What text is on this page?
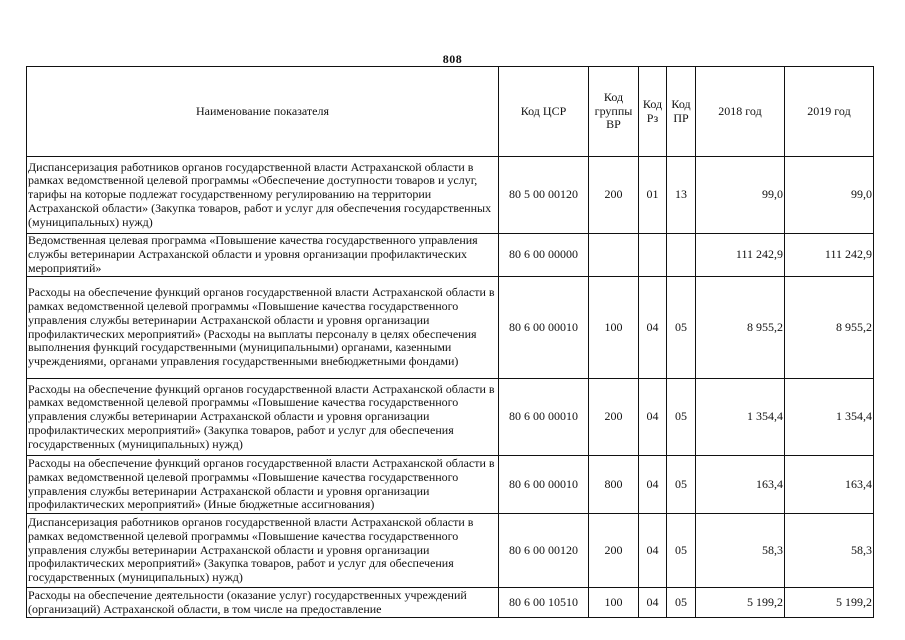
808
Наименование показателя	Код ЦСР	Код группы ВР	Код Рз	Код ПР	2018 год	2019 год
Диспансеризация работников органов государственной власти Астраханской области в рамках ведомственной целевой программы «Обеспечение доступности товаров и услуг, тарифы на которые подлежат государственному регулированию на территории Астраханской области» (Закупка товаров, работ и услуг для обеспечения государственных (муниципальных) нужд)	80 5 00 00120	200	01	13	99,0	99,0
Ведомственная целевая программа «Повышение качества государственного управления службы ветеринарии Астраханской области и уровня организации профилактических мероприятий»	80 6 00 00000				111 242,9	111 242,9
Расходы на обеспечение функций органов государственной власти Астраханской области в рамках ведомственной целевой программы «Повышение качества государственного управления службы ветеринарии Астраханской области и уровня организации профилактических мероприятий» (Расходы на выплаты персоналу в целях обеспечения выполнения функций государственными (муниципальными) органами, казенными учреждениями, органами управления государственными внебюджетными фондами)	80 6 00 00010	100	04	05	8 955,2	8 955,2
Расходы на обеспечение функций органов государственной власти Астраханской области в рамках ведомственной целевой программы «Повышение качества государственного управления службы ветеринарии Астраханской области и уровня организации профилактических мероприятий» (Закупка товаров, работ и услуг для обеспечения государственных (муниципальных) нужд)	80 6 00 00010	200	04	05	1 354,4	1 354,4
Расходы на обеспечение функций органов государственной власти Астраханской области в рамках ведомственной целевой программы «Повышение качества государственного управления службы ветеринарии Астраханской области и уровня организации профилактических мероприятий» (Иные бюджетные ассигнования)	80 6 00 00010	800	04	05	163,4	163,4
Диспансеризация работников органов государственной власти Астраханской области в рамках ведомственной целевой программы «Повышение качества государственного управления службы ветеринарии Астраханской области и уровня организации профилактических мероприятий» (Закупка товаров, работ и услуг для обеспечения государственных (муниципальных) нужд)	80 6 00 00120	200	04	05	58,3	58,3
Расходы на обеспечение деятельности (оказание услуг) государственных учреждений (организаций) Астраханской области, в том числе на предоставление	80 6 00 10510	100	04	05	5 199,2	5 199,2
